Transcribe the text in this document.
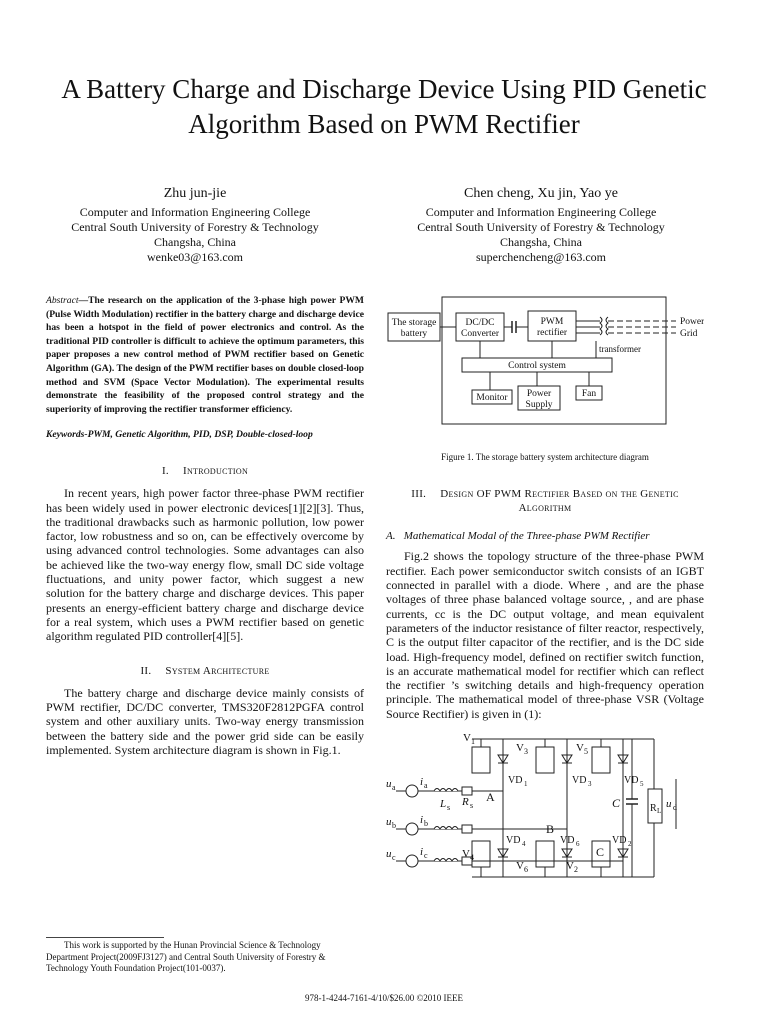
A Battery Charge and Discharge Device Using PID Genetic Algorithm Based on PWM Rectifier
Zhu jun-jie
Computer and Information Engineering College
Central South University of Forestry & Technology
Changsha, China
wenke03@163.com
Chen cheng, Xu jin, Yao ye
Computer and Information Engineering College
Central South University of Forestry & Technology
Changsha, China
superchencheng@163.com

Abstract—The research on the application of the 3-phase high power PWM (Pulse Width Modulation) rectifier in the battery charge and discharge device has been a hotspot in the field of power electronics and control. As the traditional PID controller is difficult to achieve the optimum parameters, this paper proposes a new control method of PWM rectifier based on Genetic Algorithm (GA). The design of the PWM rectifier bases on double closed-loop method and SVM (Space Vector Modulation). The experimental results demonstrate the feasibility of the proposed control strategy and the superiority of improving the rectifier transformer efficiency.

Keywords-PWM, Genetic Algorithm, PID, DSP, Double-closed-loop

I. Introduction

In recent years, high power factor three-phase PWM rectifier has been widely used in power electronic devices[1][2][3]. Thus, the traditional drawbacks such as harmonic pollution, low power factor, low robustness and so on, can be effectively overcome by using advanced control technologies. Some advantages can also be achieved like the two-way energy flow, small DC side voltage fluctuations, and unity power factor, which suggest a new solution for the battery charge and discharge devices. This paper presents an energy-efficient battery charge and discharge device for a real system, which uses a PWM rectifier based on genetic algorithm regulated PID controller[4][5].

II. System Architecture

The battery charge and discharge device mainly consists of PWM rectifier, DC/DC converter, TMS320F2812PGFA control system and other auxiliary units. Two-way energy transmission between the battery side and the power grid side can be easily implemented. System architecture diagram is shown in Fig.1.

The storage
battery
DC/DC
Converter
PWM
rectifier
transformer
Power
Grid
Control system
Monitor Power
Supply
Fan

Figure 1. The storage battery system architecture diagram

III. Design OF PWM Rectifier Based on the Genetic Algorithm

A. Mathematical Modal of the Three-phase PWM Rectifier

Fig.2 shows the topology structure of the three-phase PWM rectifier. Each power semiconductor switch consists of an IGBT connected in parallel with a diode. Where , and are the phase voltages of three phase balanced voltage source, , and are phase currents, cc is the DC output voltage, and mean equivalent parameters of the inductor resistance of filter reactor, respectively, C is the output filter capacitor of the rectifier, and is the DC side load. High-frequency model, defined on rectifier switch function, is an accurate mathematical model for rectifier which can reflect the rectifier ’s switching details and high-frequency operation principle. The mathematical model of three-phase VSR (Voltage Source Rectifier) is given in (1):

V 1
V 3	V 5
VD 1	VD 3	VD 5
VD 4	VD 6	VD 2
V 4
V 6	V 2
u a
u b
u c
i a
i b
i c
L s R s
A
B
C
C	R L
u d
This work is supported by the Hunan Provincial Science & Technology Department Project(2009FJ3127) and Central South University of Forestry & Technology Youth Foundation Project(101-0037).
978-1-4244-7161-4/10/$26.00 ©2010 IEEE
